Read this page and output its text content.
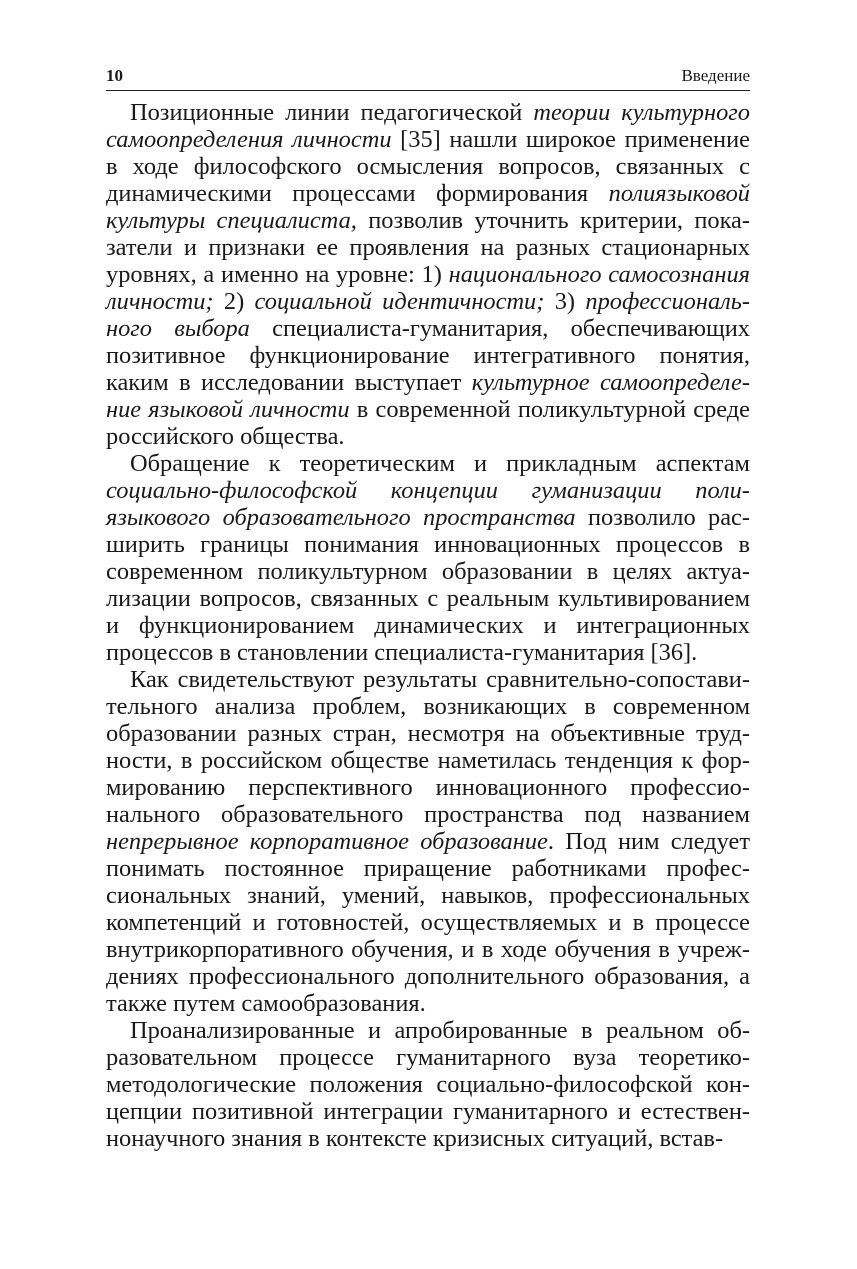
10	Введение

Позиционные линии педагогической теории культурного самоопределения личности [35] нашли широкое применение в ходе философского осмысления вопросов, связанных с динамическими процессами формирования полиязыковой культуры специалиста, позволив уточнить критерии, показатели и признаки ее проявления на разных стационарных уровнях, а именно на уровне: 1) национального самосознания личности; 2) социальной идентичности; 3) профессионального выбора специалиста-гуманитария, обеспечивающих позитивное функционирование интегративного понятия, каким в исследовании выступает культурное самоопределение языковой личности в современной поликультурной среде российского общества.

Обращение к теоретическим и прикладным аспектам социально-философской концепции гуманизации полиязыкового образовательного пространства позволило расширить границы понимания инновационных процессов в современном поликультурном образовании в целях актуализации вопросов, связанных с реальным культивированием и функционированием динамических и интеграционных процессов в становлении специалиста-гуманитария [36].

Как свидетельствуют результаты сравнительно-сопоставительного анализа проблем, возникающих в современном образовании разных стран, несмотря на объективные трудности, в российском обществе наметилась тенденция к формированию перспективного инновационного профессионального образовательного пространства под названием непрерывное корпоративное образование. Под ним следует понимать постоянное приращение работниками профессиональных знаний, умений, навыков, профессиональных компетенций и готовностей, осуществляемых и в процессе внутрикорпоративного обучения, и в ходе обучения в учреждениях профессионального дополнительного образования, а также путем самообразования.

Проанализированные и апробированные в реальном образовательном процессе гуманитарного вуза теоретико-методологические положения социально-философской концепции позитивной интеграции гуманитарного и естественнонаучного знания в контексте кризисных ситуаций, встав-
